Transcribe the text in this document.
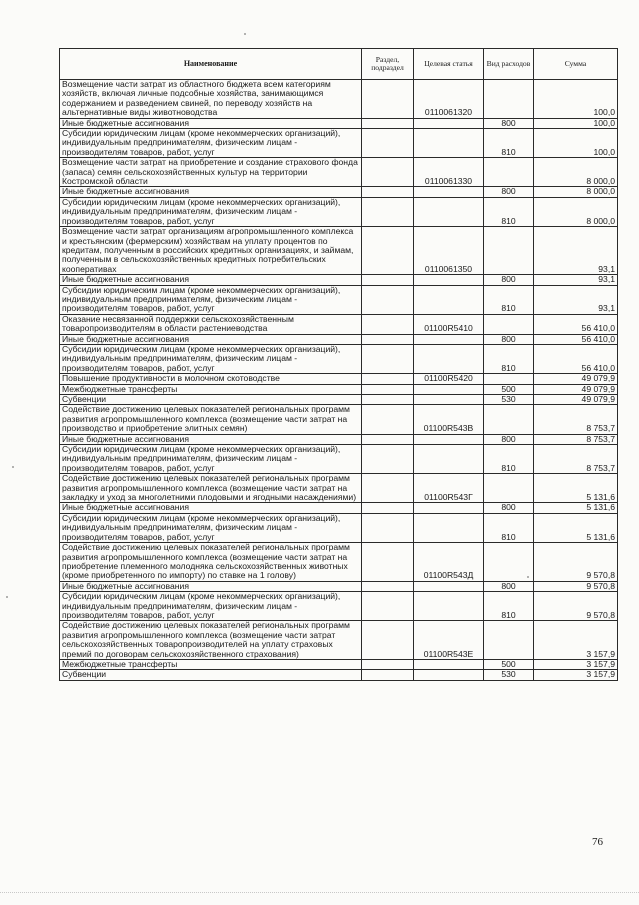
Наименование	Раздел, подраздел	Целевая статья	Вид расходов	Сумма
Возмещение части затрат из областного бюджета всем категориям хозяйств, включая личные подсобные хозяйства, занимающимся содержанием и разведением свиней, по переводу хозяйств на альтернативные виды животноводства		0110061320		100,0
Иные бюджетные ассигнования			800	100,0
Субсидии юридическим лицам (кроме некоммерческих организаций), индивидуальным предпринимателям, физическим лицам - производителям товаров, работ, услуг			810	100,0
Возмещение части затрат на приобретение и создание страхового фонда (запаса) семян сельскохозяйственных культур на территории Костромской области		0110061330		8 000,0
Иные бюджетные ассигнования			800	8 000,0
Субсидии юридическим лицам (кроме некоммерческих организаций), индивидуальным предпринимателям, физическим лицам - производителям товаров, работ, услуг			810	8 000,0
Возмещение части затрат организациям агропромышленного комплекса и крестьянским (фермерским) хозяйствам на уплату процентов по кредитам, полученным в российских кредитных организациях, и займам, полученным в сельскохозяйственных кредитных потребительских кооперативах		0110061350		93,1
Иные бюджетные ассигнования			800	93,1
Субсидии юридическим лицам (кроме некоммерческих организаций), индивидуальным предпринимателям, физическим лицам - производителям товаров, работ, услуг			810	93,1
Оказание несвязанной поддержки сельскохозяйственным товаропроизводителям в области растениеводства		01100R5410		56 410,0
Иные бюджетные ассигнования			800	56 410,0
Субсидии юридическим лицам (кроме некоммерческих организаций), индивидуальным предпринимателям, физическим лицам - производителям товаров, работ, услуг			810	56 410,0
Повышение продуктивности в молочном скотоводстве		01100R5420		49 079,9
Межбюджетные трансферты			500	49 079,9
Субвенции			530	49 079,9
Содействие достижению целевых показателей региональных программ развития агропромышленного комплекса (возмещение части затрат на производство и приобретение элитных семян)		01100R543В		8 753,7
Иные бюджетные ассигнования			800	8 753,7
Субсидии юридическим лицам (кроме некоммерческих организаций), индивидуальным предпринимателям, физическим лицам - производителям товаров, работ, услуг			810	8 753,7
Содействие достижению целевых показателей региональных программ развития агропромышленного комплекса (возмещение части затрат на закладку и уход за многолетними плодовыми и ягодными насаждениями)		01100R543Г		5 131,6
Иные бюджетные ассигнования			800	5 131,6
Субсидии юридическим лицам (кроме некоммерческих организаций), индивидуальным предпринимателям, физическим лицам - производителям товаров, работ, услуг			810	5 131,6
Содействие достижению целевых показателей региональных программ развития агропромышленного комплекса (возмещение части затрат на приобретение племенного молодняка сельскохозяйственных животных (кроме приобретенного по импорту) по ставке на 1 голову)		01100R543Д		9 570,8
Иные бюджетные ассигнования			800	9 570,8
Субсидии юридическим лицам (кроме некоммерческих организаций), индивидуальным предпринимателям, физическим лицам - производителям товаров, работ, услуг			810	9 570,8
Содействие достижению целевых показателей региональных программ развития агропромышленного комплекса (возмещение части затрат сельскохозяйственных товаропроизводителей на уплату страховых премий по договорам сельскохозяйственного страхования)		01100R543Е		3 157,9
Межбюджетные трансферты			500	3 157,9
Субвенции			530	3 157,9
76
